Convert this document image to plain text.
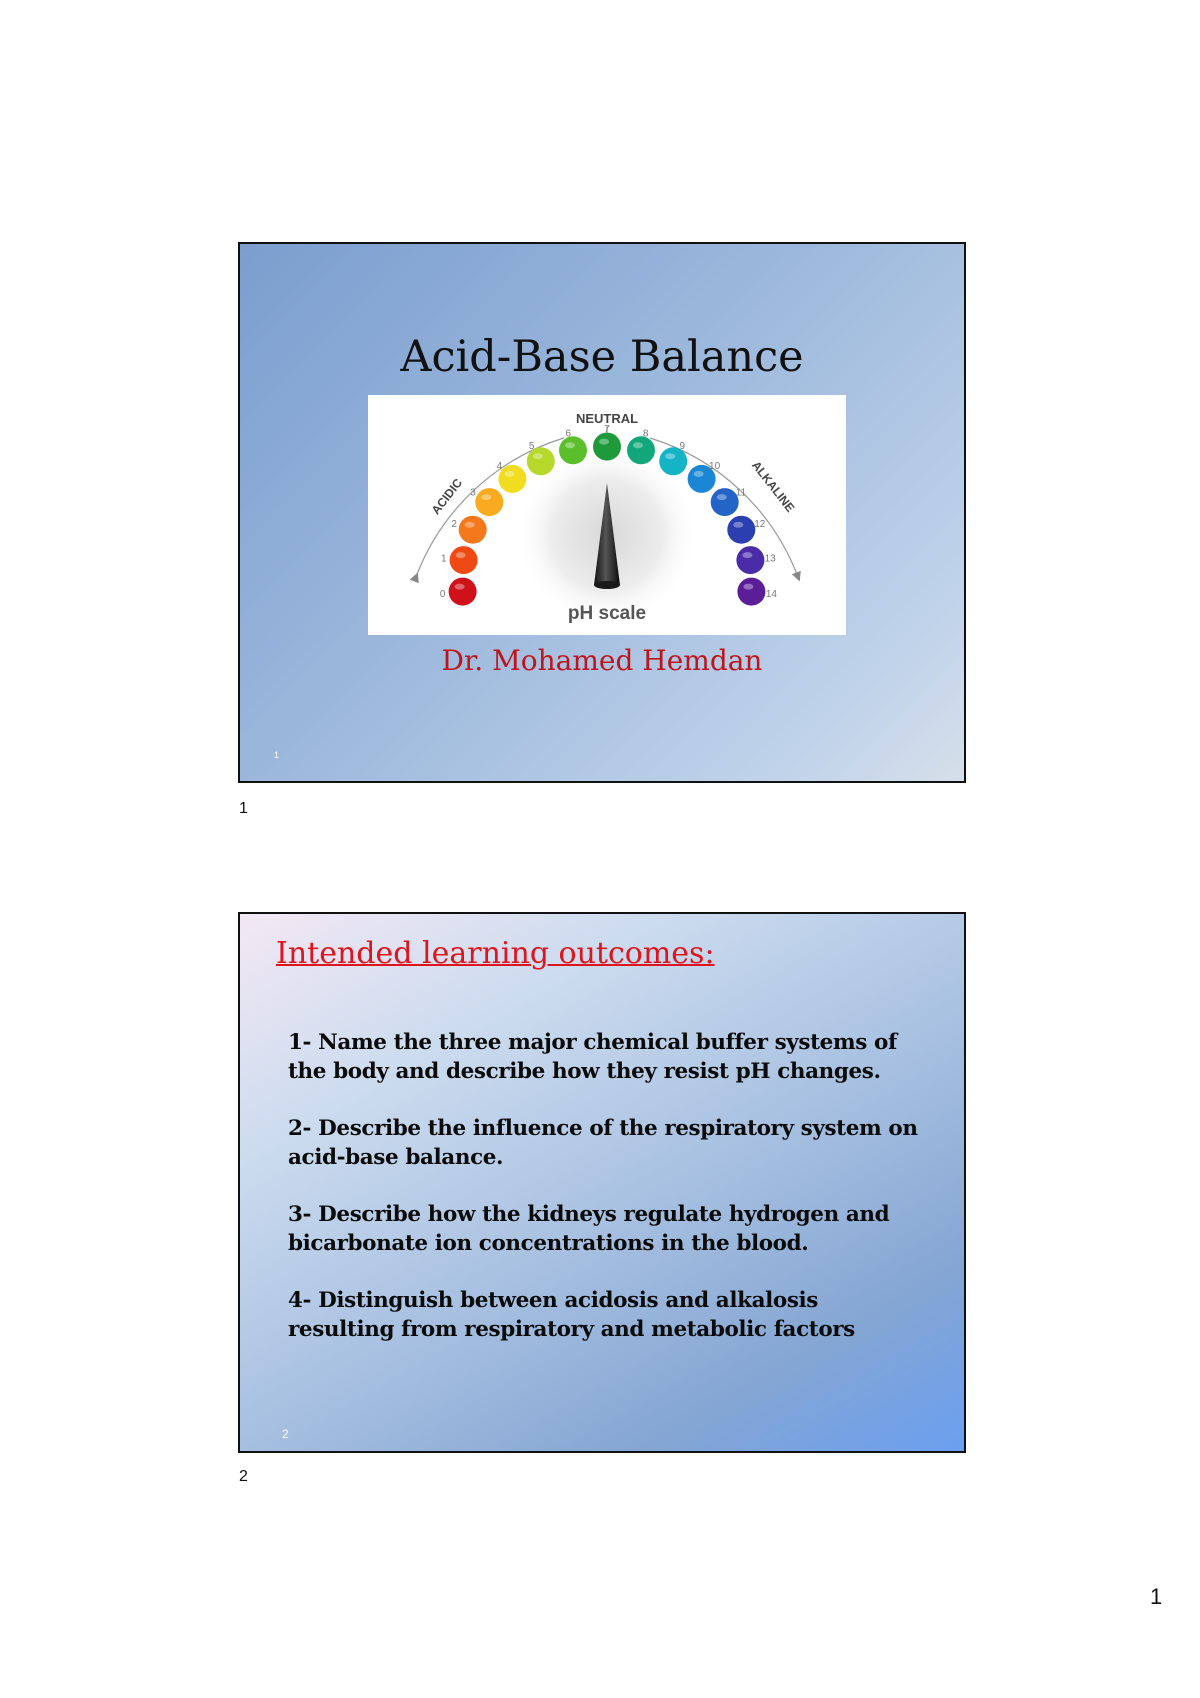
Acid-Base Balance
NEUTRAL
ACIDIC	ALKALINE
0
1
2
3
4
5
6	7	8
9
10
11
12
13
14
pH scale
Dr. Mohamed Hemdan
1
1
Intended learning outcomes:
1- Name the three major chemical buffer systems of the body and describe how they resist pH changes.
2- Describe the influence of the respiratory system on acid-base balance.
3- Describe how the kidneys regulate hydrogen and bicarbonate ion concentrations in the blood.
4- Distinguish between acidosis and alkalosis resulting from respiratory and metabolic factors
2
2
1
